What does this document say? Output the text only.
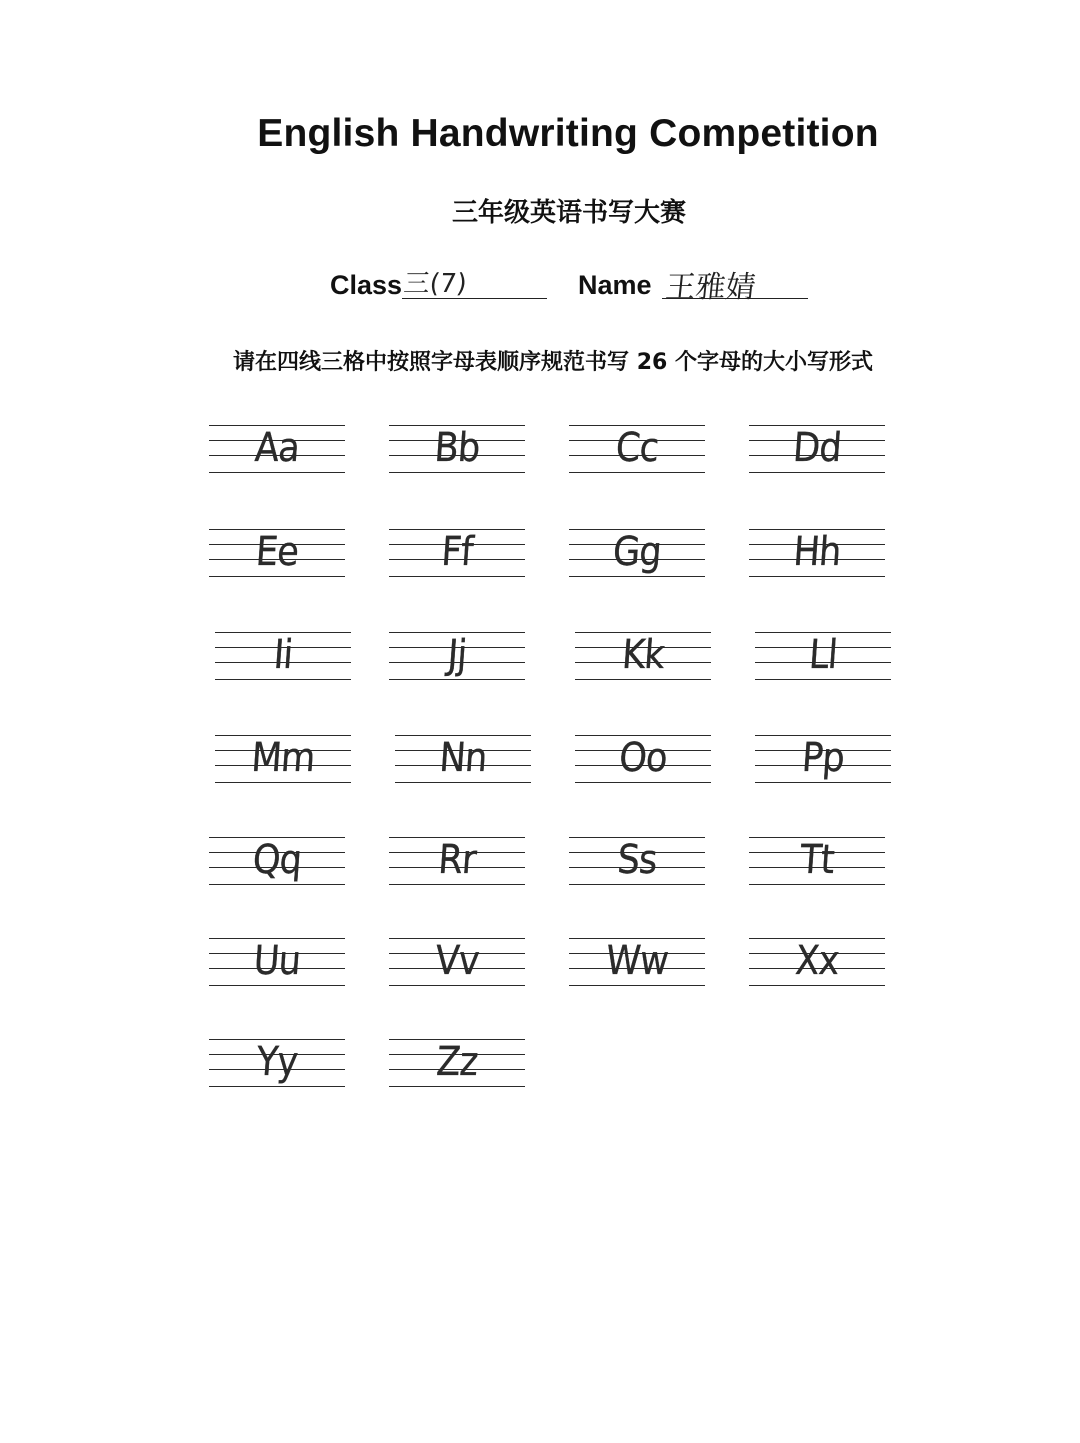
English Handwriting Competition
三年级英语书写大赛
Class 三(7)	Name 王雅婧
请在四线三格中按照字母表顺序规范书写 26 个字母的大小写形式
Aa	Bb	Cc	Dd
Ee	Ff	Gg	Hh
Ii	Jj	Kk	Ll
Mm	Nn	Oo	Pp
Qq	Rr	Ss	Tt
Uu	Vv	Ww	Xx
Yy	Zz
